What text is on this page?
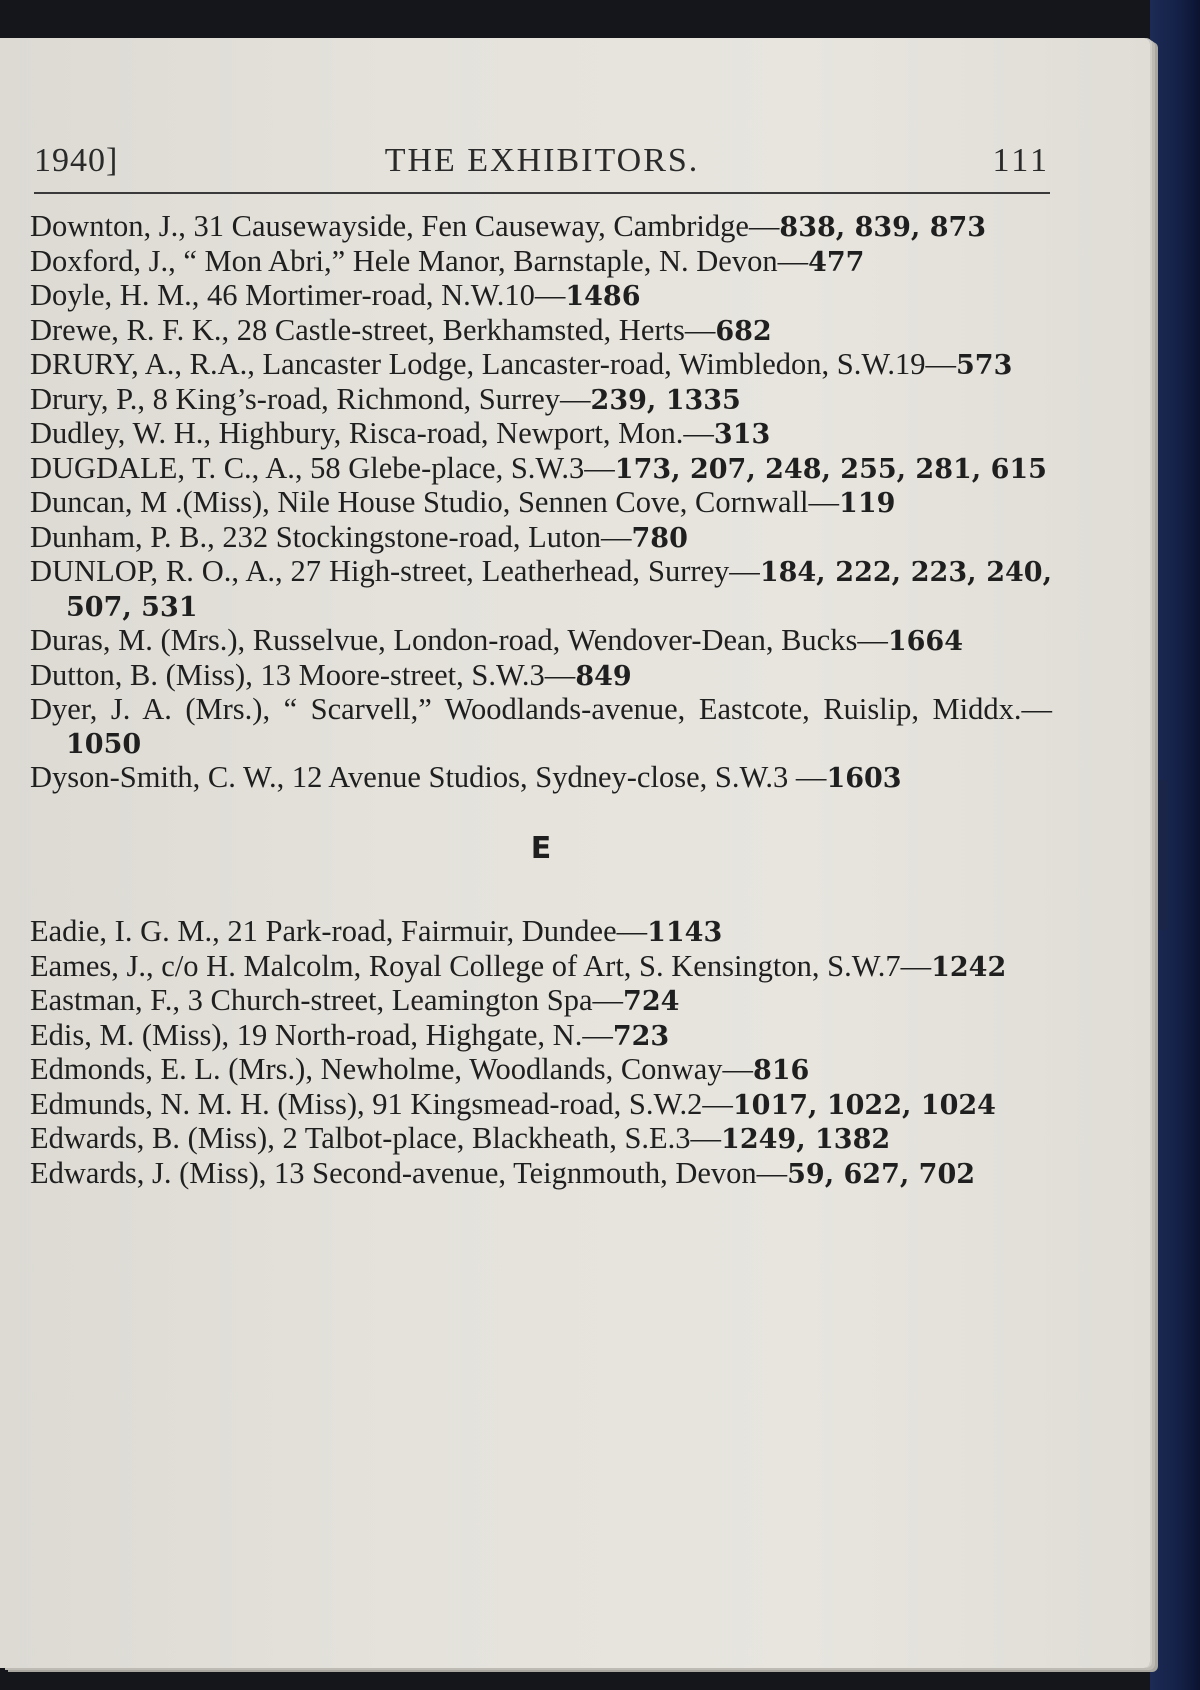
1940]	THE EXHIBITORS.	111
Downton, J., 31 Causewayside, Fen Causeway, Cambridge—838, 839, 873
Doxford, J., “ Mon Abri,” Hele Manor, Barnstaple, N. Devon—477
Doyle, H. M., 46 Mortimer-road, N.W.10—1486
Drewe, R. F. K., 28 Castle-street, Berkhamsted, Herts—682
DRURY, A., R.A., Lancaster Lodge, Lancaster-road, Wimbledon, S.W.19—573
Drury, P., 8 King’s-road, Richmond, Surrey—239, 1335
Dudley, W. H., Highbury, Risca-road, Newport, Mon.—313
DUGDALE, T. C., A., 58 Glebe-place, S.W.3—173, 207, 248, 255, 281, 615
Duncan, M .(Miss), Nile House Studio, Sennen Cove, Cornwall—119
Dunham, P. B., 232 Stockingstone-road, Luton—780
DUNLOP, R. O., A., 27 High-street, Leatherhead, Surrey—184, 222, 223, 240, 507, 531
Duras, M. (Mrs.), Russelvue, London-road, Wendover-Dean, Bucks—1664
Dutton, B. (Miss), 13 Moore-street, S.W.3—849
Dyer, J. A. (Mrs.), “ Scarvell,” Woodlands-avenue, Eastcote, Ruislip, Middx.—1050
Dyson-Smith, C. W., 12 Avenue Studios, Sydney-close, S.W.3 —1603
E
Eadie, I. G. M., 21 Park-road, Fairmuir, Dundee—1143
Eames, J., c/o H. Malcolm, Royal College of Art, S. Kensington, S.W.7—1242
Eastman, F., 3 Church-street, Leamington Spa—724
Edis, M. (Miss), 19 North-road, Highgate, N.—723
Edmonds, E. L. (Mrs.), Newholme, Woodlands, Conway—816
Edmunds, N. M. H. (Miss), 91 Kingsmead-road, S.W.2—1017, 1022, 1024
Edwards, B. (Miss), 2 Talbot-place, Blackheath, S.E.3—1249, 1382
Edwards, J. (Miss), 13 Second-avenue, Teignmouth, Devon—59, 627, 702
